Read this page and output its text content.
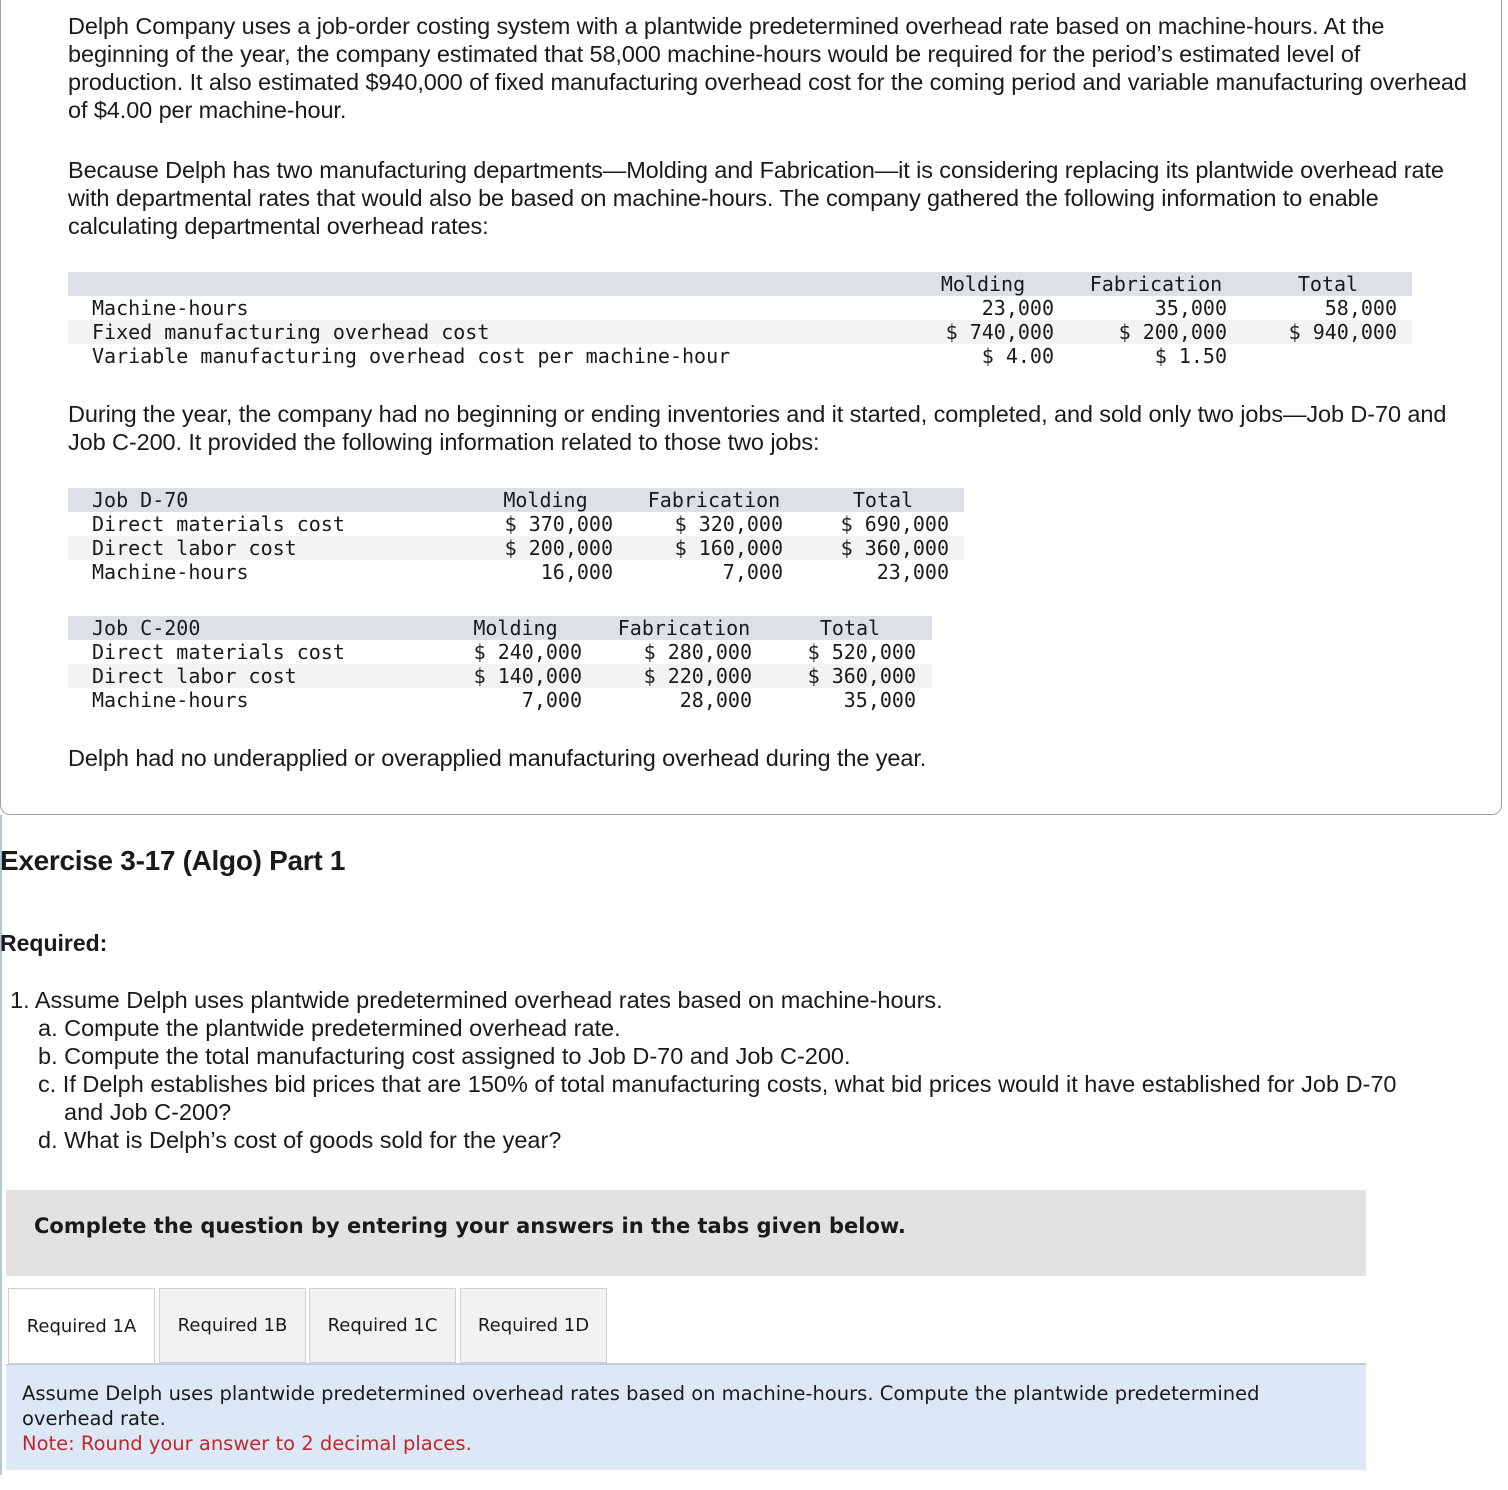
Delph Company uses a job-order costing system with a plantwide predetermined overhead rate based on machine-hours. At the beginning of the year, the company estimated that 58,000 machine-hours would be required for the period’s estimated level of production. It also estimated $940,000 of fixed manufacturing overhead cost for the coming period and variable manufacturing overhead of $4.00 per machine-hour.

Because Delph has two manufacturing departments—Molding and Fabrication—it is considering replacing its plantwide overhead rate with departmental rates that would also be based on machine-hours. The company gathered the following information to enable calculating departmental overhead rates:

Molding	Fabrication	Total
Machine-hours	23,000	35,000	58,000
Fixed manufacturing overhead cost	$ 740,000	$ 200,000	$ 940,000
Variable manufacturing overhead cost per machine-hour	$ 4.00	$ 1.50

During the year, the company had no beginning or ending inventories and it started, completed, and sold only two jobs—Job D-70 and Job C-200. It provided the following information related to those two jobs:

Job D-70	Molding	Fabrication	Total
Direct materials cost	$ 370,000	$ 320,000	$ 690,000
Direct labor cost	$ 200,000	$ 160,000	$ 360,000
Machine-hours	16,000	7,000	23,000
Job C-200	Molding	Fabrication	Total
Direct materials cost	$ 240,000	$ 280,000	$ 520,000
Direct labor cost	$ 140,000	$ 220,000	$ 360,000
Machine-hours	7,000	28,000	35,000

Delph had no underapplied or overapplied manufacturing overhead during the year.

Exercise 3-17 (Algo) Part 1

Required:

1. Assume Delph uses plantwide predetermined overhead rates based on machine-hours.
a. Compute the plantwide predetermined overhead rate.
b. Compute the total manufacturing cost assigned to Job D-70 and Job C-200.
c. If Delph establishes bid prices that are 150% of total manufacturing costs, what bid prices would it have established for Job D-70
and Job C-200?
d. What is Delph’s cost of goods sold for the year?
Complete the question by entering your answers in the tabs given below.
Required 1A	Required 1B	Required 1C	Required 1D
Assume Delph uses plantwide predetermined overhead rates based on machine-hours. Compute the plantwide predetermined overhead rate.
Note: Round your answer to 2 decimal places.
